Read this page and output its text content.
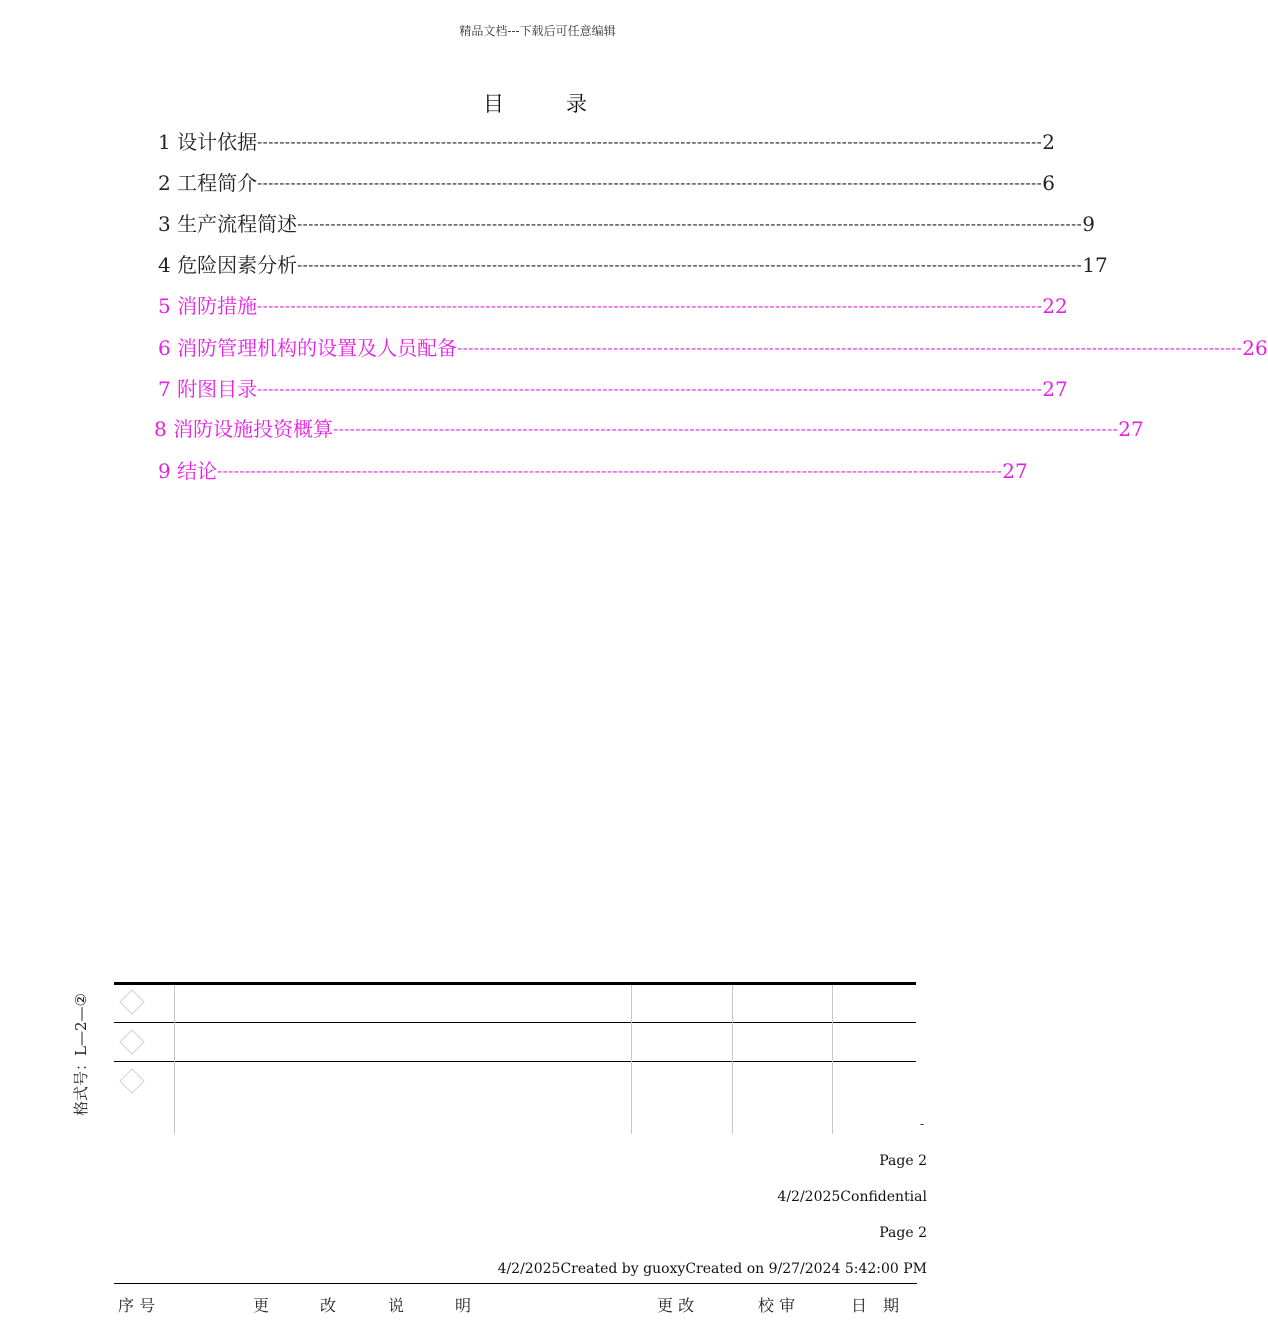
精品文档---下载后可任意编辑
目	录
1 设计依据 --------------------------------------------------------------------------------------------------------------------------------------------- 2
2 工程简介 --------------------------------------------------------------------------------------------------------------------------------------------- 6
3 生产流程简述 --------------------------------------------------------------------------------------------------------------------------------------------- 9
4 危险因素分析 --------------------------------------------------------------------------------------------------------------------------------------------- 17
5 消防措施 --------------------------------------------------------------------------------------------------------------------------------------------- 22
6 消防管理机构的设置及人员配备 --------------------------------------------------------------------------------------------------------------------------------------------- 26
7 附图目录 --------------------------------------------------------------------------------------------------------------------------------------------- 27
8 消防设施投资概算 --------------------------------------------------------------------------------------------------------------------------------------------- 27
9 结论 --------------------------------------------------------------------------------------------------------------------------------------------- 27
格式号：L—2—②
-
Page 2
4/2/2025Confidential
Page 2
4/2/2025Created by guoxyCreated on 9/27/2024 5:42:00 PM
序 号	更	改	说	明	更 改	校 审	日　期
